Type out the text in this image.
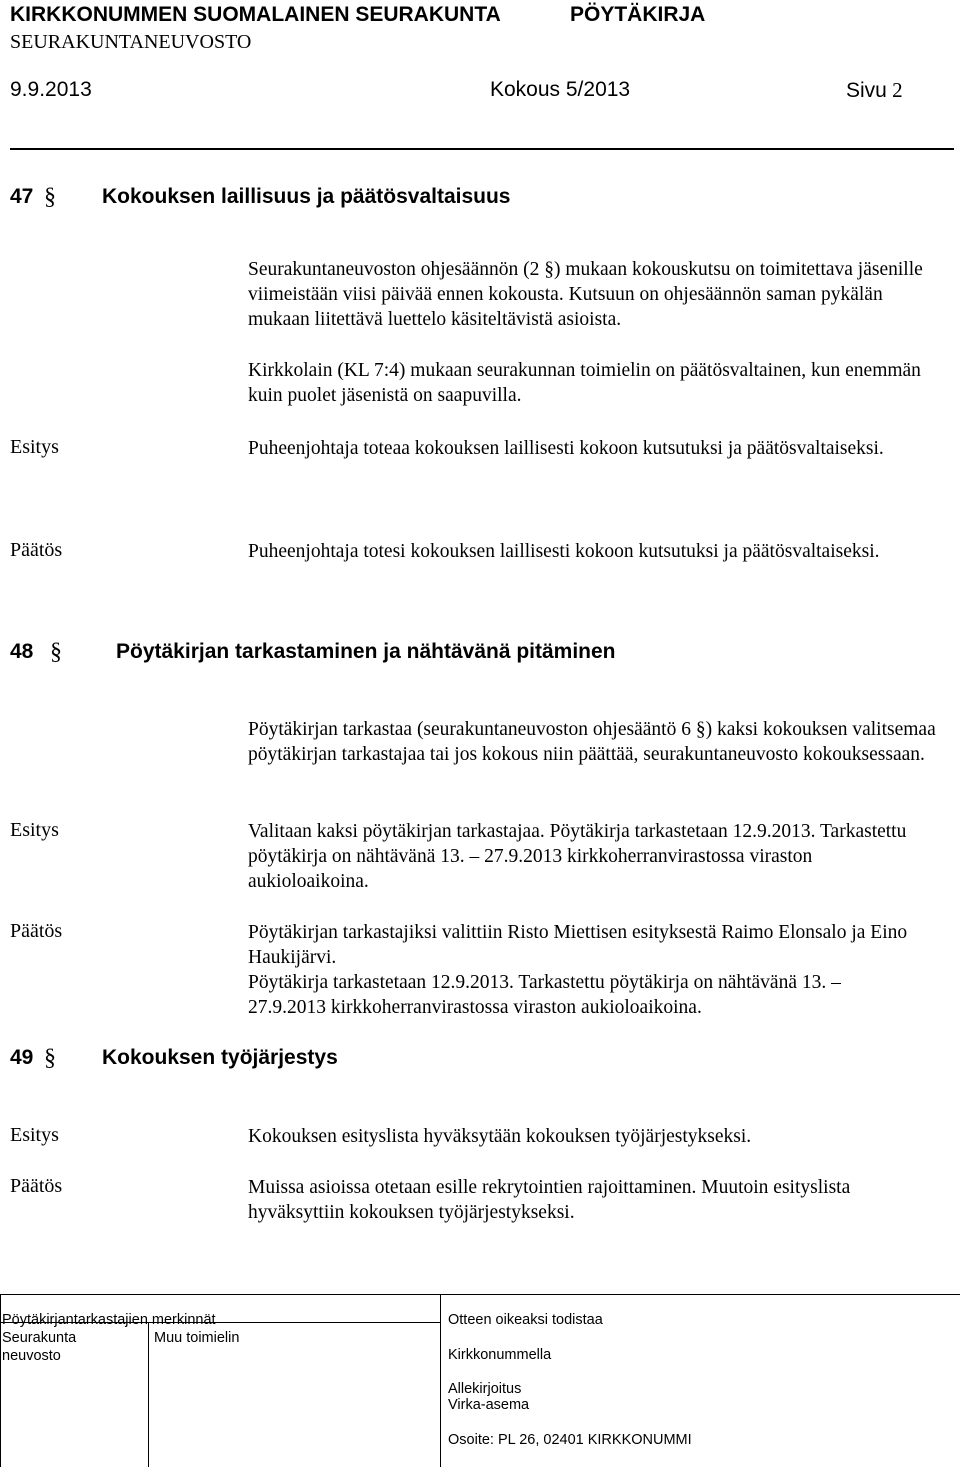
KIRKKONUMMEN SUOMALAINEN SEURAKUNTA	PÖYTÄKIRJA
SEURAKUNTANEUVOSTO
9.9.2013	Kokous 5/2013	Sivu 2
47 § Kokouksen laillisuus ja päätösvaltaisuus
Seurakuntaneuvoston ohjesäännön (2 §) mukaan kokouskutsu on toimitettava jäsenille viimeistään viisi päivää ennen kokousta. Kutsuun on ohjesäännön saman pykälän mukaan liitettävä luettelo käsiteltävistä asioista.
Kirkkolain (KL 7:4) mukaan seurakunnan toimielin on päätösvaltainen, kun enemmän kuin puolet jäsenistä on saapuvilla.
Esitys	Puheenjohtaja toteaa kokouksen laillisesti kokoon kutsutuksi ja päätösvaltaiseksi.
Päätös	Puheenjohtaja totesi kokouksen laillisesti kokoon kutsutuksi ja päätösvaltaiseksi.
48 §	Pöytäkirjan tarkastaminen ja nähtävänä pitäminen
Pöytäkirjan tarkastaa (seurakuntaneuvoston ohjesääntö 6 §) kaksi kokouksen valitsemaa pöytäkirjan tarkastajaa tai jos kokous niin päättää, seurakuntaneuvosto kokouksessaan.
Esitys	Valitaan kaksi pöytäkirjan tarkastajaa. Pöytäkirja tarkastetaan 12.9.2013. Tarkastettu pöytäkirja on nähtävänä 13. – 27.9.2013 kirkkoherranvirastossa viraston aukioloaikoina.
Päätös	Pöytäkirjan tarkastajiksi valittiin Risto Miettisen esityksestä Raimo Elonsalo ja Eino Haukijärvi.
Pöytäkirja tarkastetaan 12.9.2013. Tarkastettu pöytäkirja on nähtävänä 13. – 27.9.2013 kirkkoherranvirastossa viraston aukioloaikoina.
49 § Kokouksen työjärjestys
Esitys	Kokouksen esityslista hyväksytään kokouksen työjärjestykseksi.
Päätös	Muissa asioissa otetaan esille rekrytointien rajoittaminen. Muutoin esityslista hyväksyttiin kokouksen työjärjestykseksi.
Pöytäkirjantarkastajien merkinnät
Seurakunta
neuvosto
Muu toimielin
Otteen oikeaksi todistaa
Kirkkonummella
Allekirjoitus
Virka-asema
Osoite: PL 26, 02401 KIRKKONUMMI
